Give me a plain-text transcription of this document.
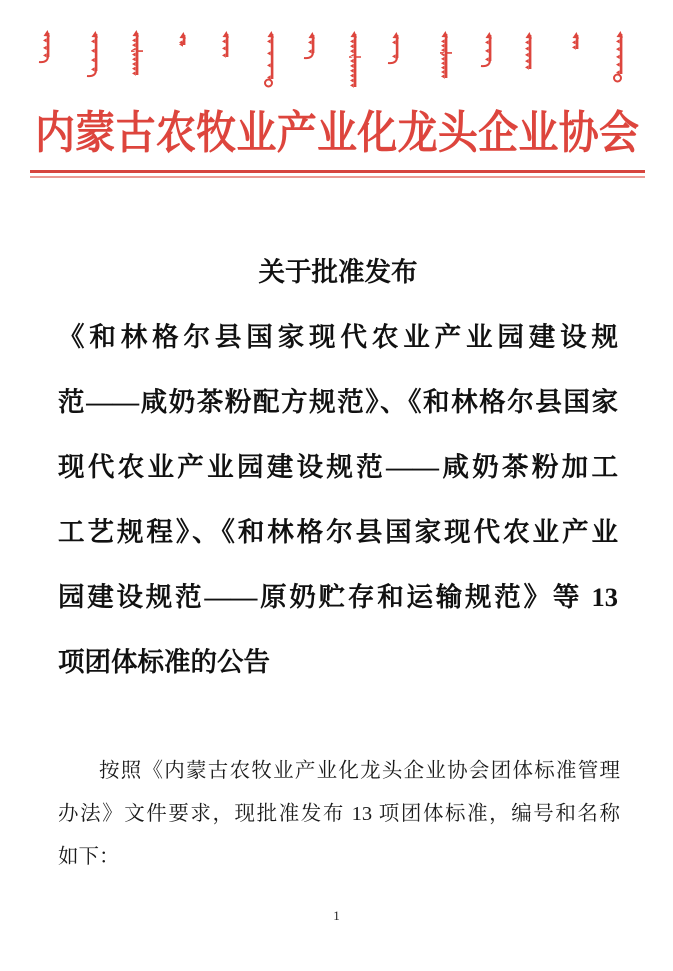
内蒙古农牧业产业化龙头企业协会
关于批准发布
《和林格尔县国家现代农业产业园建设规
范——咸奶茶粉配方规范》、《和林格尔县国家
现代农业产业园建设规范——咸奶茶粉加工
工艺规程》、《和林格尔县国家现代农业产业
园建设规范——原奶贮存和运输规范》等 13
项团体标准的公告
按照《内蒙古农牧业产业化龙头企业协会团体标准管理
办法》文件要求，现批准发布 13 项团体标准，编号和名称
如下：
1
